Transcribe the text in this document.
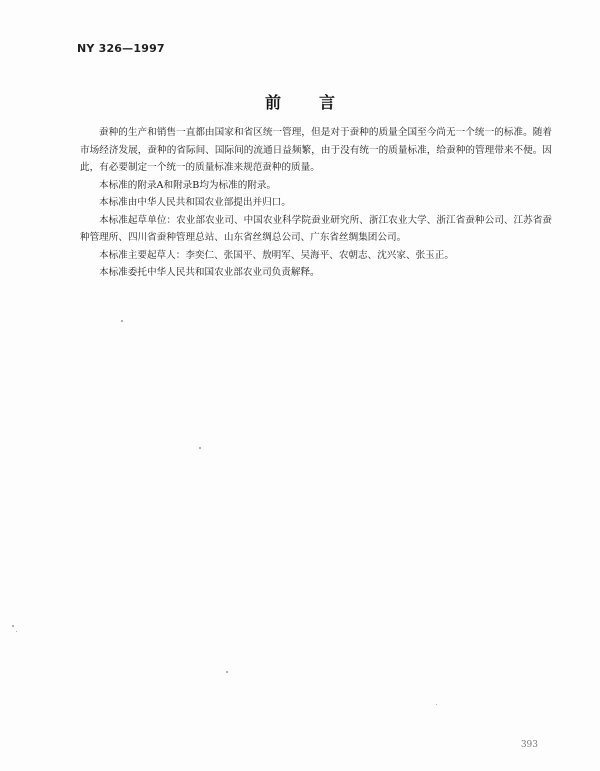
NY 326—1997
前言

蚕种的生产和销售一直都由国家和省区统一管理，但是对于蚕种的质量全国至今尚无一个统一的标准。随着市场经济发展，蚕种的省际间、国际间的流通日益频繁，由于没有统一的质量标准，给蚕种的管理带来不便。因此，有必要制定一个统一的质量标准来规范蚕种的质量。

本标准的附录A和附录B均为标准的附录。

本标准由中华人民共和国农业部提出并归口。

本标准起草单位：农业部农业司、中国农业科学院蚕业研究所、浙江农业大学、浙江省蚕种公司、江苏省蚕种管理所、四川省蚕种管理总站、山东省丝绸总公司、广东省丝绸集团公司。

本标准主要起草人：李奕仁、张国平、敖明军、吴海平、农朝志、沈兴家、张玉正。

本标准委托中华人民共和国农业部农业司负责解释。

393
